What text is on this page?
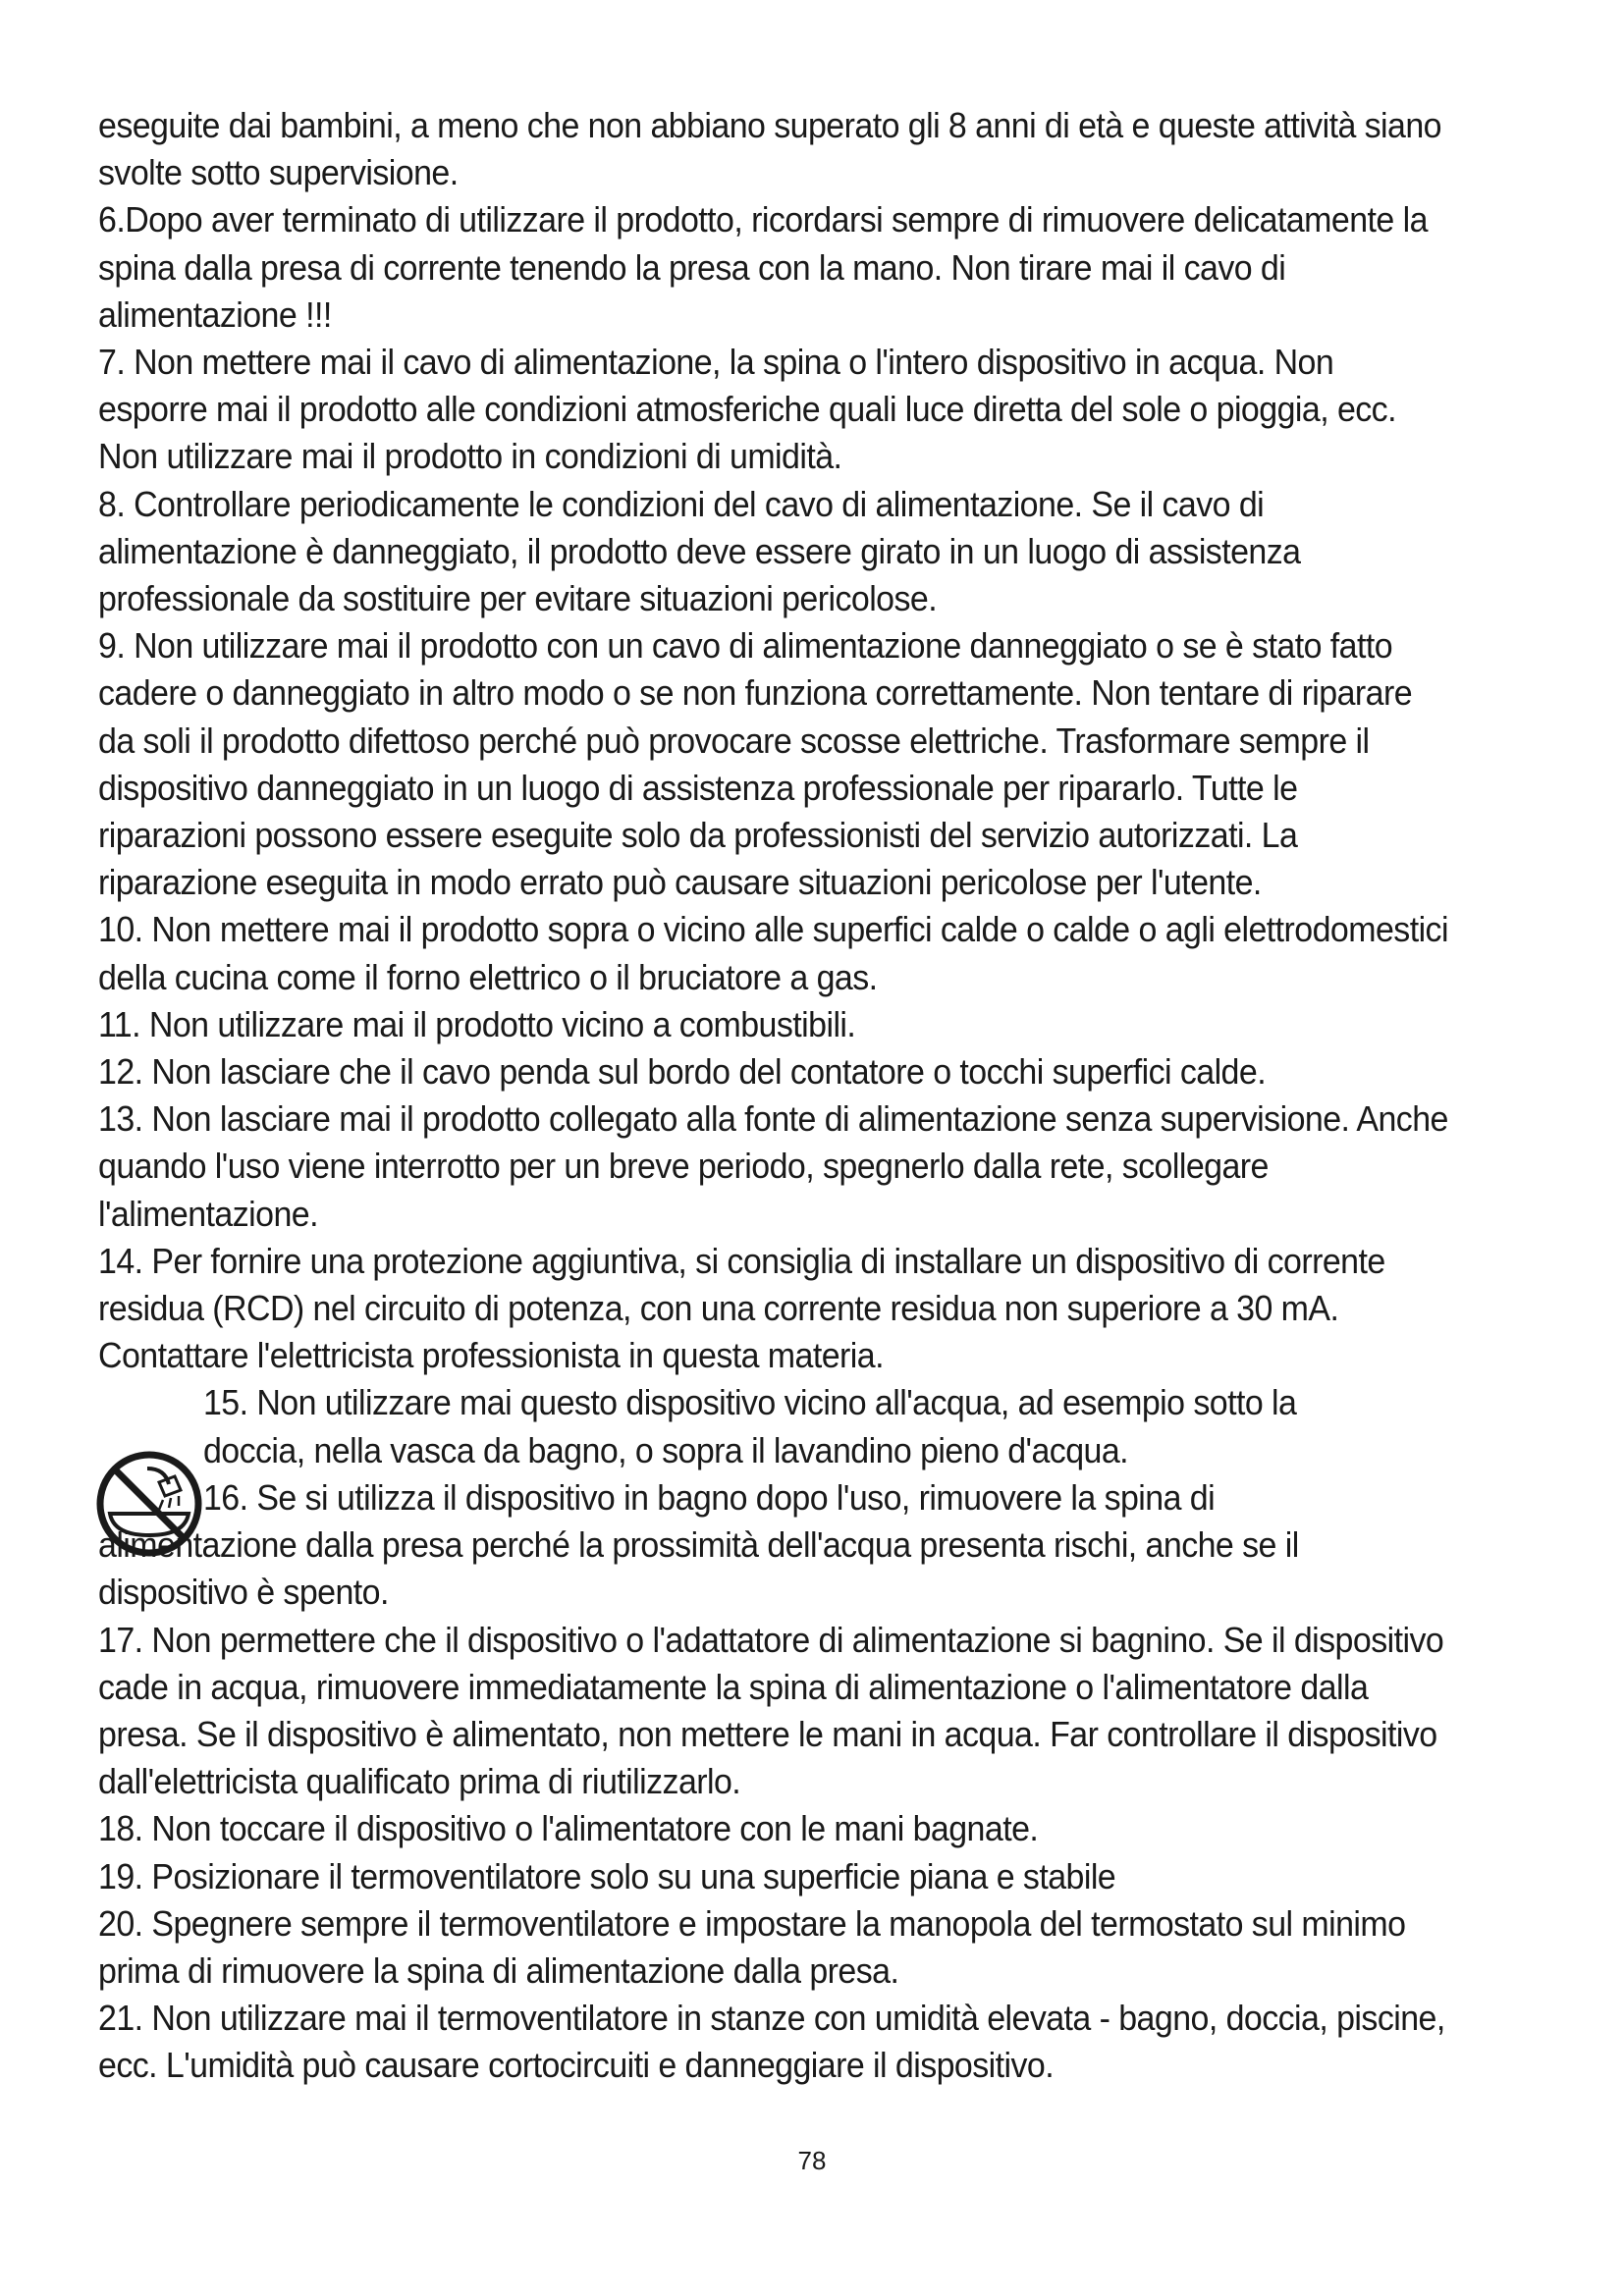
eseguite dai bambini, a meno che non abbiano superato gli 8 anni di età e queste attività siano svolte sotto supervisione.

6.Dopo aver terminato di utilizzare il prodotto, ricordarsi sempre di rimuovere delicatamente la spina dalla presa di corrente tenendo la presa con la mano. Non tirare mai il cavo di alimentazione !!!

7. Non mettere mai il cavo di alimentazione, la spina o l'intero dispositivo in acqua. Non esporre mai il prodotto alle condizioni atmosferiche quali luce diretta del sole o pioggia, ecc. Non utilizzare mai il prodotto in condizioni di umidità.

8. Controllare periodicamente le condizioni del cavo di alimentazione. Se il cavo di alimentazione è danneggiato, il prodotto deve essere girato in un luogo di assistenza professionale da sostituire per evitare situazioni pericolose.

9. Non utilizzare mai il prodotto con un cavo di alimentazione danneggiato o se è stato fatto cadere o danneggiato in altro modo o se non funziona correttamente. Non tentare di riparare da soli il prodotto difettoso perché può provocare scosse elettriche. Trasformare sempre il dispositivo danneggiato in un luogo di assistenza professionale per ripararlo. Tutte le riparazioni possono essere eseguite solo da professionisti del servizio autorizzati. La riparazione eseguita in modo errato può causare situazioni pericolose per l'utente.

10. Non mettere mai il prodotto sopra o vicino alle superfici calde o calde o agli elettrodomestici della cucina come il forno elettrico o il bruciatore a gas.

11. Non utilizzare mai il prodotto vicino a combustibili.

12. Non lasciare che il cavo penda sul bordo del contatore o tocchi superfici calde.

13. Non lasciare mai il prodotto collegato alla fonte di alimentazione senza supervisione. Anche quando l'uso viene interrotto per un breve periodo, spegnerlo dalla rete, scollegare l'alimentazione.

14. Per fornire una protezione aggiuntiva, si consiglia di installare un dispositivo di corrente residua (RCD) nel circuito di potenza, con una corrente residua non superiore a 30 mA. Contattare l'elettricista professionista in questa materia.

15. Non utilizzare mai questo dispositivo vicino all'acqua, ad esempio sotto la

doccia, nella vasca da bagno, o sopra il lavandino pieno d'acqua.

16. Se si utilizza il dispositivo in bagno dopo l'uso, rimuovere la spina di

alimentazione dalla presa perché la prossimità dell'acqua presenta rischi, anche se il dispositivo è spento.

17. Non permettere che il dispositivo o l'adattatore di alimentazione si bagnino. Se il dispositivo cade in acqua, rimuovere immediatamente la spina di alimentazione o l'alimentatore dalla presa. Se il dispositivo è alimentato, non mettere le mani in acqua. Far controllare il dispositivo dall'elettricista qualificato prima di riutilizzarlo.

18. Non toccare il dispositivo o l'alimentatore con le mani bagnate.

19. Posizionare il termoventilatore solo su una superficie piana e stabile

20. Spegnere sempre il termoventilatore e impostare la manopola del termostato sul minimo prima di rimuovere la spina di alimentazione dalla presa.

21. Non utilizzare mai il termoventilatore in stanze con umidità elevata - bagno, doccia, piscine, ecc. L'umidità può causare cortocircuiti e danneggiare il dispositivo.

78
